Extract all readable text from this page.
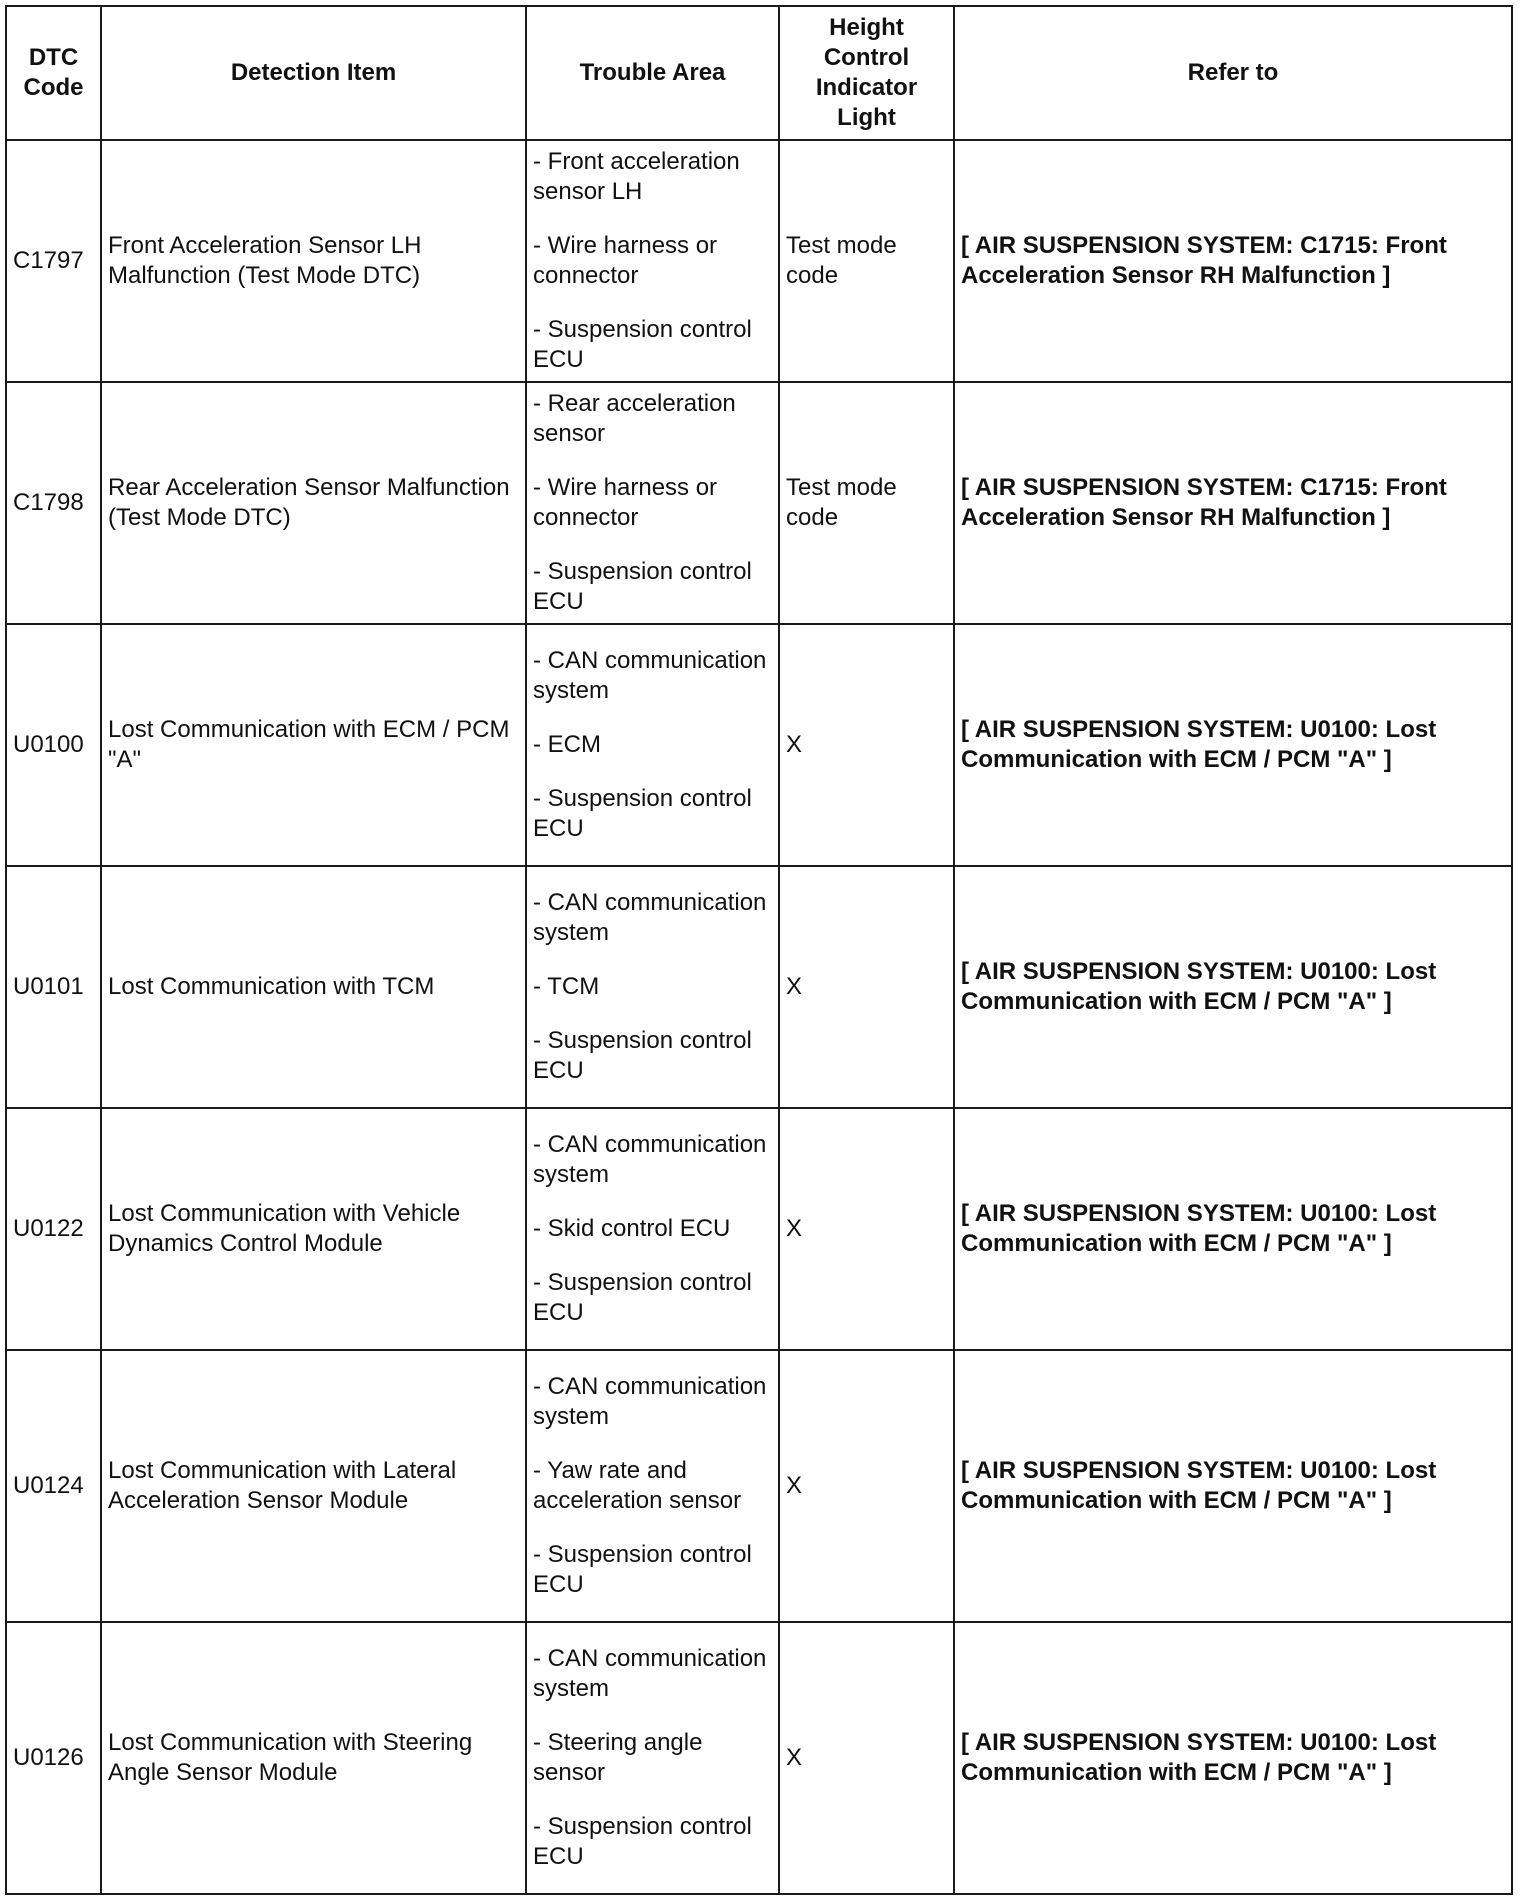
DTC Code	Detection Item	Trouble Area	Height Control Indicator Light	Refer to
C1797	Front Acceleration Sensor LH Malfunction (Test Mode DTC)	- Front acceleration sensor LH
- Wire harness or connector
- Suspension control ECU	Test mode code	[ AIR SUSPENSION SYSTEM: C1715: Front Acceleration Sensor RH Malfunction ]
C1798	Rear Acceleration Sensor Malfunction (Test Mode DTC)	- Rear acceleration sensor
- Wire harness or connector
- Suspension control ECU	Test mode code	[ AIR SUSPENSION SYSTEM: C1715: Front Acceleration Sensor RH Malfunction ]
U0100	Lost Communication with ECM / PCM "A"	- CAN communication system
- ECM
- Suspension control ECU	X	[ AIR SUSPENSION SYSTEM: U0100: Lost Communication with ECM / PCM "A" ]
U0101	Lost Communication with TCM	- CAN communication system
- TCM
- Suspension control ECU	X	[ AIR SUSPENSION SYSTEM: U0100: Lost Communication with ECM / PCM "A" ]
U0122	Lost Communication with Vehicle Dynamics Control Module	- CAN communication system
- Skid control ECU
- Suspension control ECU	X	[ AIR SUSPENSION SYSTEM: U0100: Lost Communication with ECM / PCM "A" ]
U0124	Lost Communication with Lateral Acceleration Sensor Module	- CAN communication system
- Yaw rate and acceleration sensor
- Suspension control ECU	X	[ AIR SUSPENSION SYSTEM: U0100: Lost Communication with ECM / PCM "A" ]
U0126	Lost Communication with Steering Angle Sensor Module	- CAN communication system
- Steering angle sensor
- Suspension control ECU	X	[ AIR SUSPENSION SYSTEM: U0100: Lost Communication with ECM / PCM "A" ]
